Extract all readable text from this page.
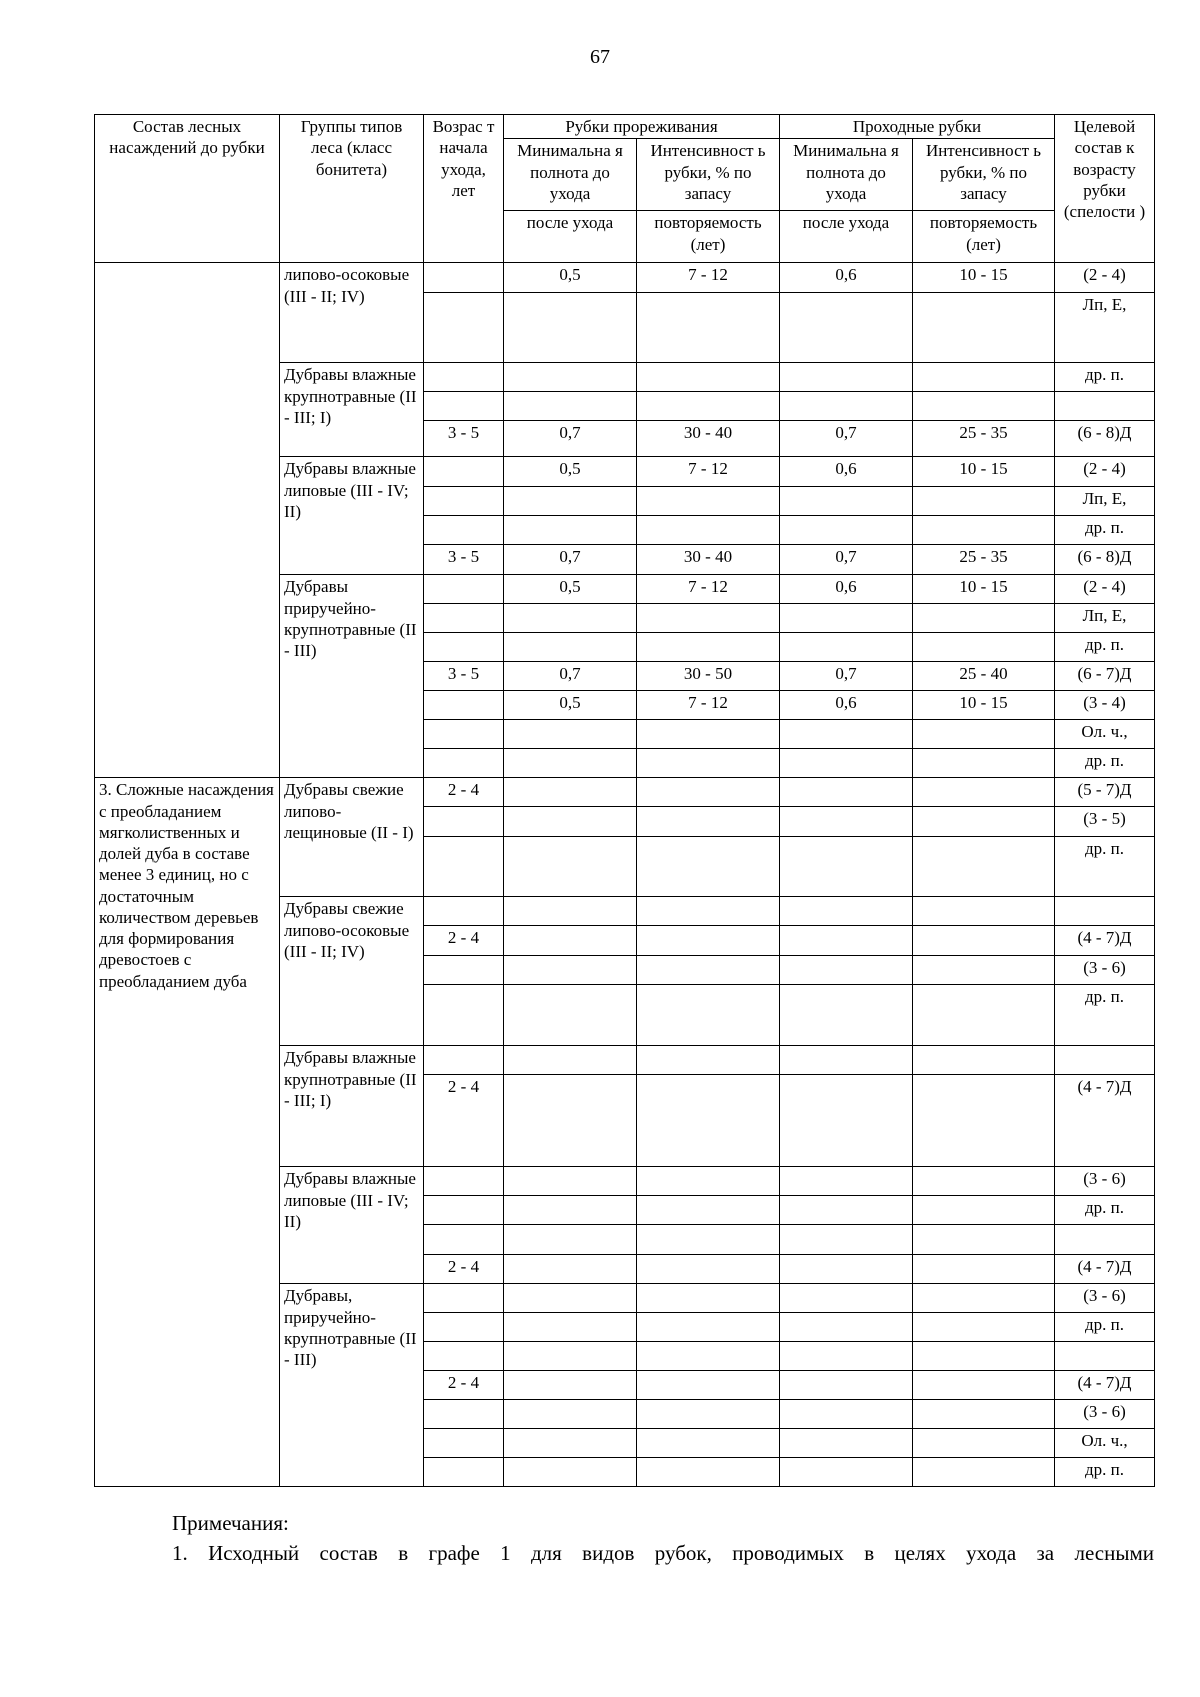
67
Состав лесных насаждений до рубки	Группы типов леса (класс бонитета)	Возрас т начала ухода, лет	Рубки прореживания		Проходные рубки		Целевой состав к возрасту рубки (спелости )
			Минимальна я полнота до ухода	Интенсивност ь рубки, % по запасу	Минимальна я полнота до ухода	Интенсивност ь рубки, % по запасу	
			после ухода	повторяемость (лет)	после ухода	повторяемость (лет)	
	липово-осоковые (III - II; IV)		0,5	7 - 12	0,6	10 - 15	(2 - 4)
							Лп, Е,
	Дубравы влажные крупнотравные (II - III; I)						др. п.

		3 - 5	0,7	30 - 40	0,7	25 - 35	(6 - 8)Д
	Дубравы влажные липовые (III - IV; II)		0,5	7 - 12	0,6	10 - 15	(2 - 4)
							Лп, Е,
							др. п.
		3 - 5	0,7	30 - 40	0,7	25 - 35	(6 - 8)Д
	Дубравы приручейно-крупнотравные (II - III)		0,5	7 - 12	0,6	10 - 15	(2 - 4)
							Лп, Е,
							др. п.
		3 - 5	0,7	30 - 50	0,7	25 - 40	(6 - 7)Д
			0,5	7 - 12	0,6	10 - 15	(3 - 4)
							Ол. ч.,
							др. п.
3. Сложные насаждения с преобладанием мягколиственных и долей дуба в составе менее 3 единиц, но с достаточным количеством деревьев для формирования древостоев с преобладанием дуба	Дубравы свежие липово-лещиновые (II - I)	2 - 4					(5 - 7)Д
							(3 - 5)
							др. п.
	Дубравы свежие липово-осоковые (III - II; IV)						
		2 - 4					(4 - 7)Д
							(3 - 6)
							др. п.
	Дубравы влажные крупнотравные (II - III; I)						
		2 - 4					(4 - 7)Д
	Дубравы влажные липовые (III - IV; II)						(3 - 6)
							др. п.

		2 - 4					(4 - 7)Д
	Дубравы, приручейно-крупнотравные (II - III)						(3 - 6)
							др. п.

		2 - 4					(4 - 7)Д
							(3 - 6)
							Ол. ч.,
							др. п.
Примечания:
1. Исходный состав в графе 1 для видов рубок, проводимых в целях ухода за лесными
